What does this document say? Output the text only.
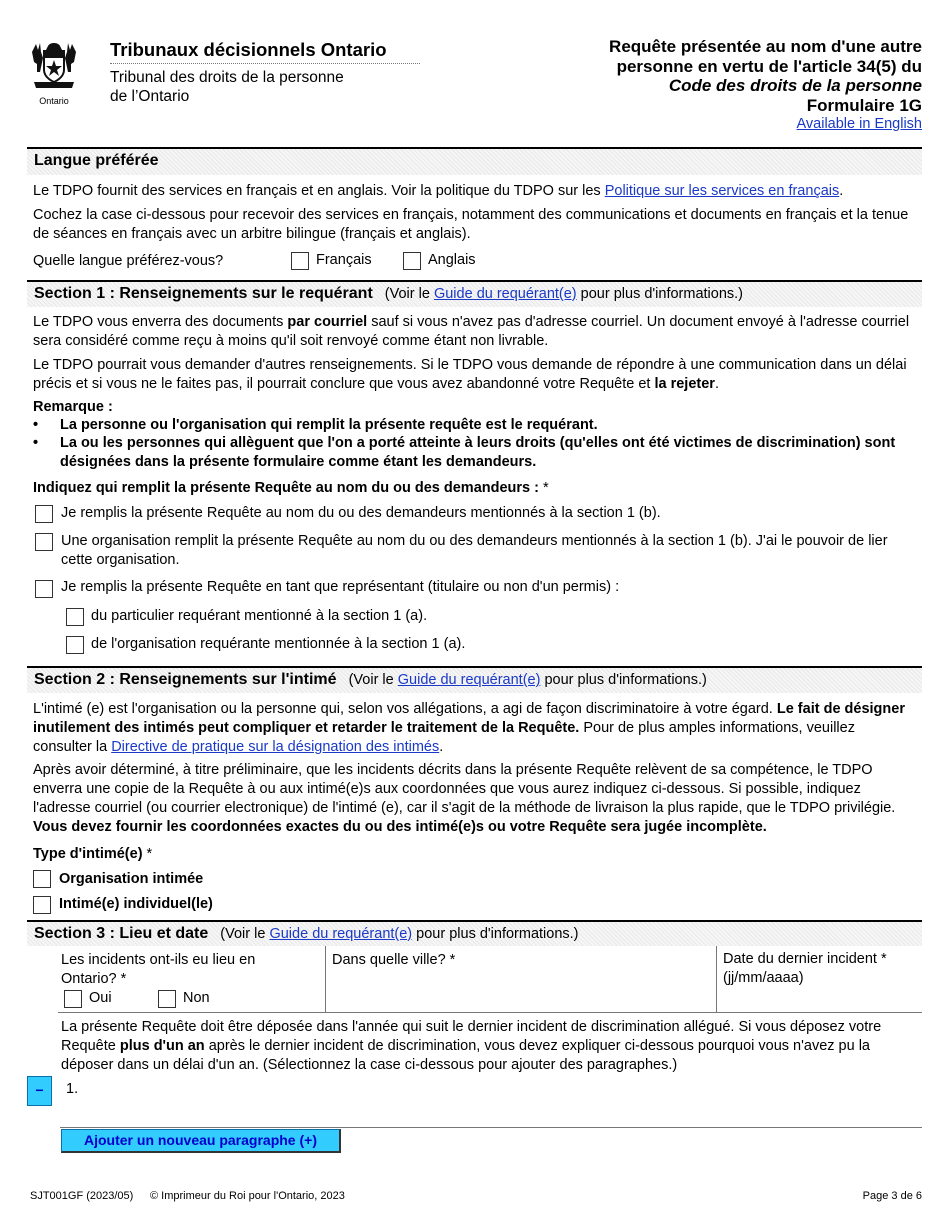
Ontario
Tribunaux décisionnels Ontario
Tribunal des droits de la personne
de l’Ontario
Requête présentée au nom d'une autre
personne en vertu de l'article 34(5) du
Code des droits de la personne
Formulaire 1G
Available in English
Langue préférée
Le TDPO fournit des services en français et en anglais. Voir la politique du TDPO sur les Politique sur les services en français.
Cochez la case ci-dessous pour recevoir des services en français, notamment des communications et documents en français et la tenue de séances en français avec un arbitre bilingue (français et anglais).
Quelle langue préférez-vous?	Français	Anglais
Section 1 : Renseignements sur le requérant (Voir le Guide du requérant(e) pour plus d'informations.)
Le TDPO vous enverra des documents par courriel sauf si vous n'avez pas d'adresse courriel. Un document envoyé à l'adresse courriel sera considéré comme reçu à moins qu'il soit renvoyé comme étant non livrable.
Le TDPO pourrait vous demander d'autres renseignements. Si le TDPO vous demande de répondre à une communication dans un délai précis et si vous ne le faites pas, il pourrait conclure que vous avez abandonné votre Requête et la rejeter.
Remarque :
•	La personne ou l'organisation qui remplit la présente requête est le requérant.
•	La ou les personnes qui allèguent que l'on a porté atteinte à leurs droits (qu'elles ont été victimes de discrimination) sont désignées dans la présente formulaire comme étant les demandeurs.
Indiquez qui remplit la présente Requête au nom du ou des demandeurs : *
Je remplis la présente Requête au nom du ou des demandeurs mentionnés à la section 1 (b).
Une organisation remplit la présente Requête au nom du ou des demandeurs mentionnés à la section 1 (b). J'ai le pouvoir de lier cette organisation.
Je remplis la présente Requête en tant que représentant (titulaire ou non d'un permis) :
du particulier requérant mentionné à la section 1 (a).
de l'organisation requérante mentionnée à la section 1 (a).
Section 2 : Renseignements sur l'intimé (Voir le Guide du requérant(e) pour plus d'informations.)
L'intimé (e) est l'organisation ou la personne qui, selon vos allégations, a agi de façon discriminatoire à votre égard. Le fait de désigner inutilement des intimés peut compliquer et retarder le traitement de la Requête. Pour de plus amples informations, veuillez consulter la Directive de pratique sur la désignation des intimés.
Après avoir déterminé, à titre préliminaire, que les incidents décrits dans la présente Requête relèvent de sa compétence, le TDPO enverra une copie de la Requête à ou aux intimé(e)s aux coordonnées que vous aurez indiquez ci-dessous. Si possible, indiquez l'adresse courriel (ou courrier electronique) de l'intimé (e), car il s'agit de la méthode de livraison la plus rapide, que le TDPO privilégie. Vous devez fournir les coordonnées exactes du ou des intimé(e)s ou votre Requête sera jugée incomplète.
Type d'intimé(e) *
Organisation intimée
Intimé(e) individuel(le)
Section 3 : Lieu et date (Voir le Guide du requérant(e) pour plus d'informations.)
Les incidents ont-ils eu lieu en Ontario? *
Oui	Non
Dans quelle ville? *	Date du dernier incident *
(jj/mm/aaaa)
La présente Requête doit être déposée dans l'année qui suit le dernier incident de discrimination allégué. Si vous déposez votre Requête plus d'un an après le dernier incident de discrimination, vous devez expliquer ci-dessous pourquoi vous n'avez pu la déposer dans un délai d'un an. (Sélectionnez la case ci-dessous pour ajouter des paragraphes.)
−	1.
Ajouter un nouveau paragraphe (+)
SJT001GF (2023/05) © Imprimeur du Roi pour l'Ontario, 2023	Page 3 de 6
